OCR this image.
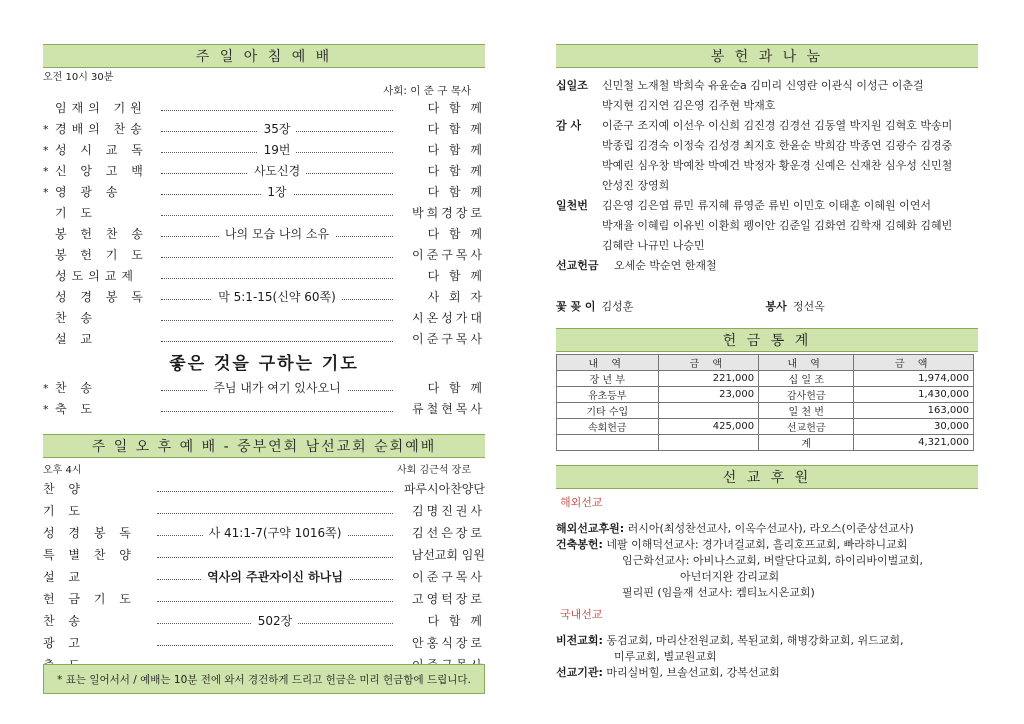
주 일 아 침 예 배
오전 10시 30분
사회: 이 준 구 목사
임재의 기원	다 함 께
* 경배의 찬송	35장	다 함 께
* 성 시 교 독	19번	다 함 께
* 신 앙 고 백	사도신경	다 함 께
* 영 광 송	1장	다 함 께
기 도	박희경장로
봉 헌 찬 송	나의 모습 나의 소유	다 함 께
봉 헌 기 도	이준구목사
성도의교제	다 함 께
성 경 봉 독	막 5:1-15(신약 60쪽)	사 회 자
찬 송	시온성가대
설 교	이준구목사
좋은 것을 구하는 기도
* 찬 송	주님 내가 여기 있사오니	다 함 께
* 축 도	류철현목사
주 일 오 후 예 배 - 중부연회 남선교회 순회예배
오후 4시	사회 김근석 장로
찬 양	파루시아찬양단
기 도	김명진권사
성 경 봉 독	사 41:1-7(구약 1016쪽)	김선은장로
특 별 찬 양	남선교회 임원
설 교	역사의 주관자이신 하나님	이준구목사
헌 금 기 도	고영턱장로
찬 송	502장	다 함 께
광 고	안홍식장로
* 표는 일어서서 / 예배는 10분 전에 와서 경건하게 드리고 헌금은 미리 헌금함에 드립니다.
봉 헌 과 나 눔
십일조	신민철 노재철 박희숙 유윤순a 김미리 신영란 이관식 이성근 이춘걸
박지현 김지연 김은영 김주현 박재호
감 사	이준구 조지예 이선우 이신희 김진경 김경선 김동열 박지원 김혁호 박송미
박종립 김경숙 이정숙 김성경 최지호 한윤순 박희감 박종연 김광수 김경중
박예린 심우창 박예찬 박예건 박정자 황운경 신예은 신재찬 심우성 신민철
안성진 장영희
일천번	김은영 김은엽 류민 류지혜 류영준 류빈 이민호 이태훈 이혜원 이연서
박재율 이혜림 이유빈 이환희 펭이안 김준일 김화연 김학재 김혜화 김혜빈
김혜란 나규민 나승민
선교헌금	오세순 박순연 한재철
꽃 꽂 이 김성훈	봉사 정선옥
헌 금 통 계
내 역	금 액	내 역	금 액
장 년 부	221,000	십 일 조	1,974,000
유초등부	23,000	감사헌금	1,430,000
기타 수입		일 천 번	163,000
속회헌금	425,000	선교헌금	30,000
		계	4,321,000
선 교 후 원
해외선교
해외선교후원: 러시아(최성찬선교사, 이옥수선교사), 라오스(이준상선교사)
건축봉헌: 네팔 이해덕선교사: 경가녀걸교회, 흘리호프교회, 빠라하니교회
임근화선교사: 아비나스교회, 버랄단다교회, 하이리바이벌교회,
아넌더지완 감리교회
필리핀 (임을재 선교사: 켐티뇨시온교회)
국내선교
비전교회: 동검교회, 마리산전원교회, 복된교회, 해병강화교회, 위드교회,
미루교회, 별교원교회
선교기관: 마리실버힐, 브솔선교회, 강복선교회
